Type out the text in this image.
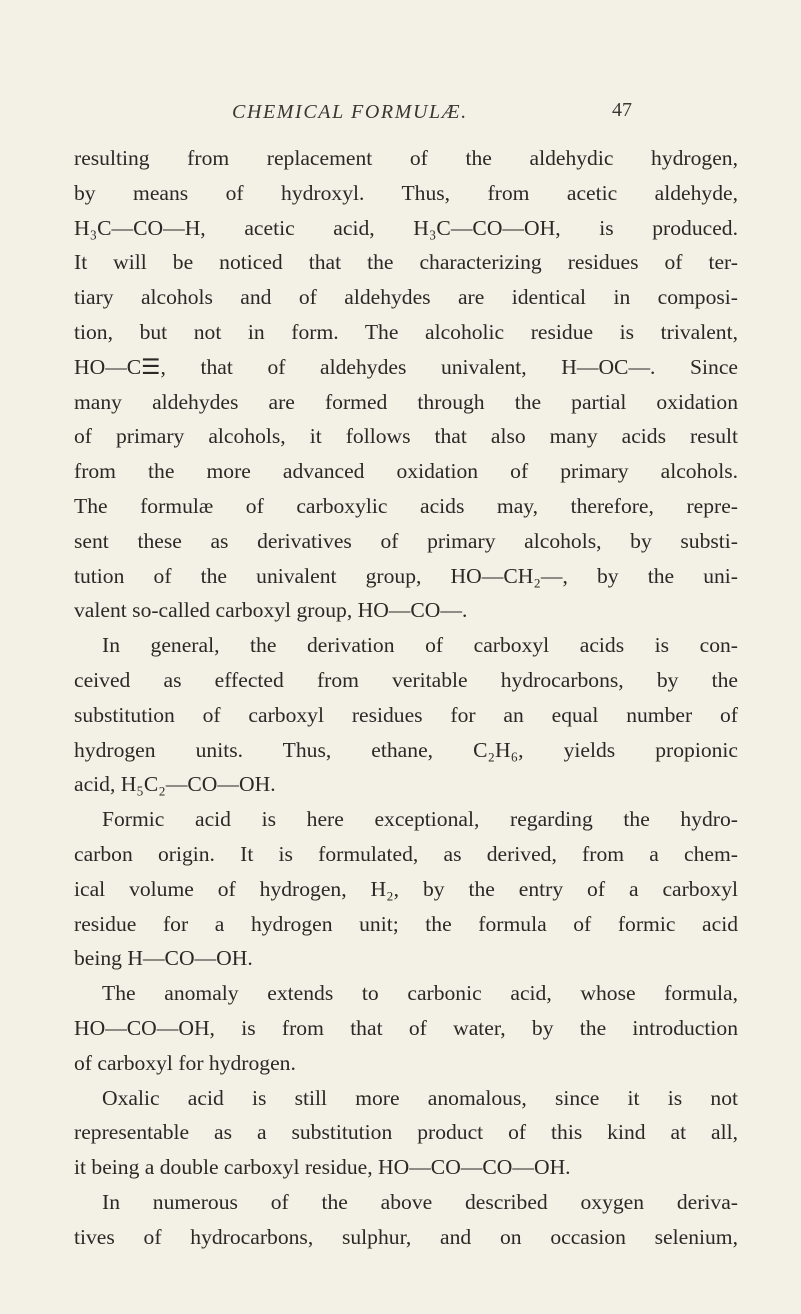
CHEMICAL FORMULÆ.	47
resulting from replacement of the aldehydic hydrogen,
by means of hydroxyl. Thus, from acetic aldehyde,
H₃C—CO—H, acetic acid, H₃C—CO—OH, is produced.
It will be noticed that the characterizing residues of ter-
tiary alcohols and of aldehydes are identical in composi-
tion, but not in form. The alcoholic residue is trivalent,
HO—C☰, that of aldehydes univalent, H—OC—. Since
many aldehydes are formed through the partial oxidation
of primary alcohols, it follows that also many acids result
from the more advanced oxidation of primary alcohols.
The formulæ of carboxylic acids may, therefore, repre-
sent these as derivatives of primary alcohols, by substi-
tution of the univalent group, HO—CH₂—, by the uni-
valent so-called carboxyl group, HO—CO—.
In general, the derivation of carboxyl acids is con-
ceived as effected from veritable hydrocarbons, by the
substitution of carboxyl residues for an equal number of
hydrogen units. Thus, ethane, C₂H₆, yields propionic
acid, H₅C₂—CO—OH.
Formic acid is here exceptional, regarding the hydro-
carbon origin. It is formulated, as derived, from a chem-
ical volume of hydrogen, H₂, by the entry of a carboxyl
residue for a hydrogen unit; the formula of formic acid
being H—CO—OH.
The anomaly extends to carbonic acid, whose formula,
HO—CO—OH, is from that of water, by the introduction
of carboxyl for hydrogen.
Oxalic acid is still more anomalous, since it is not
representable as a substitution product of this kind at all,
it being a double carboxyl residue, HO—CO—CO—OH.
In numerous of the above described oxygen deriva-
tives of hydrocarbons, sulphur, and on occasion selenium,
